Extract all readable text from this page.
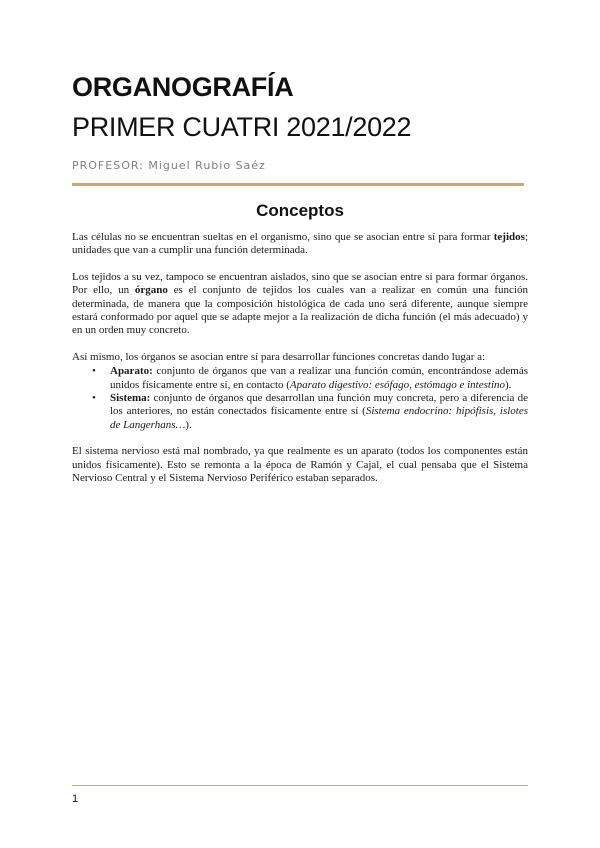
ORGANOGRAFÍA
PRIMER CUATRI 2021/2022
PROFESOR: Miguel Rubio Saéz
Conceptos

Las células no se encuentran sueltas en el organismo, sino que se asocian entre sí para formar tejidos; unidades que van a cumplir una función determinada.

Los tejidos a su vez, tampoco se encuentran aislados, sino que se asocian entre sí para formar órganos. Por ello, un órgano es el conjunto de tejidos los cuales van a realizar en común una función determinada, de manera que la composición histológica de cada uno será diferente, aunque siempre estará conformado por aquel que se adapte mejor a la realización de dicha función (el más adecuado) y en un orden muy concreto.

Así mismo, los órganos se asocian entre sí para desarrollar funciones concretas dando lugar a:

• Aparato: conjunto de órganos que van a realizar una función común, encontrándose además unidos físicamente entre sí, en contacto (Aparato digestivo: esófago, estómago e intestino).
• Sistema: conjunto de órganos que desarrollan una función muy concreta, pero a diferencia de los anteriores, no están conectados físicamente entre sí (Sistema endocrino: hipófisis, islotes de Langerhans…).

El sistema nervioso está mal nombrado, ya que realmente es un aparato (todos los componentes están unidos físicamente). Esto se remonta a la época de Ramón y Cajal, el cual pensaba que el Sistema Nervioso Central y el Sistema Nervioso Periférico estaban separados.

1
